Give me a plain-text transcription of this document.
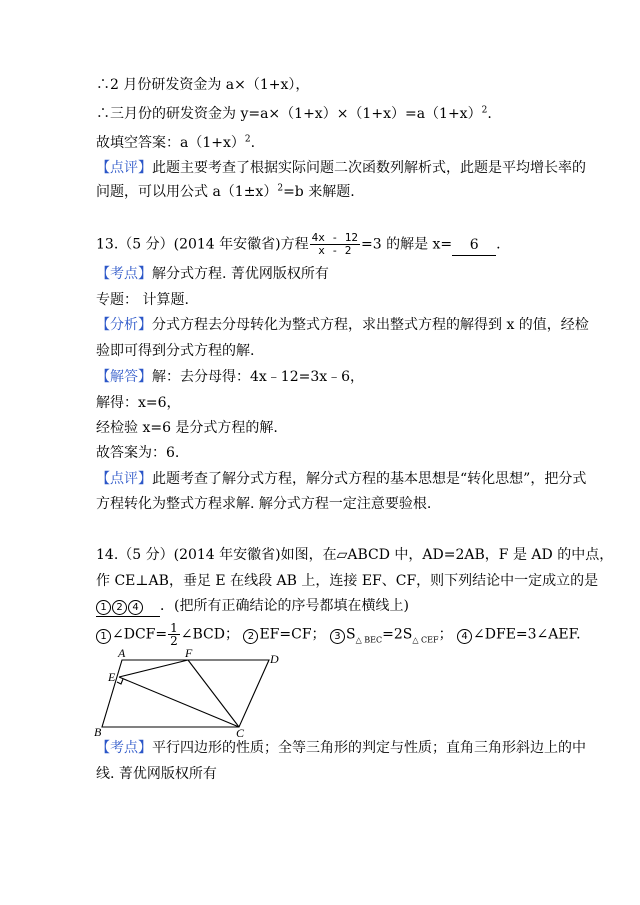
∴2 月份研发资金为 a×（1+x），
∴三月份的研发资金为 $y=a\times(1+x)\times(1+x)=a(1+x)^2$.
故填空答案：$a(1+x)^2$.
【点评】此题主要考查了根据实际问题二次函数列解析式，此题是平均增长率的
问题，可以用公式 $a(1\pm x)^2=b$ 来解题.
13.（5 分）(2014 年安徽省)方程 $\frac{4x - 12}{x - 2} =3$ 的解是 x= 6 .
【考点】解分式方程. 菁优网版权所有
专题： 计算题.
【分析】分式方程去分母转化为整式方程，求出整式方程的解得到 x 的值，经检
验即可得到分式方程的解.
【解答】解：去分母得：4x﹣12=3x﹣6，
解得：x=6，
经检验 x=6 是分式方程的解.
故答案为：6.
【点评】此题考查了解分式方程，解分式方程的基本思想是“转化思想”，把分式
方程转化为整式方程求解. 解分式方程一定注意要验根.
14.（5 分）(2014 年安徽省)如图，在▱ABCD 中，AD=2AB，F 是 AD 的中点，
作 CE⊥AB，垂足 E 在线段 AB 上，连接 EF、CF，则下列结论中一定成立的是
1 2 4 ．(把所有正确结论的序号都填在横线上)
1 ∠DCF= $\frac{1}{2}$ ∠BCD； 2 EF=CF； 3 $S_{\triangle BEC}=2S_{\triangle CEF}$； 4 ∠DFE=3∠AEF.
A	F	D
E
B	C
【考点】平行四边形的性质；全等三角形的判定与性质；直角三角形斜边上的中
线. 菁优网版权所有
